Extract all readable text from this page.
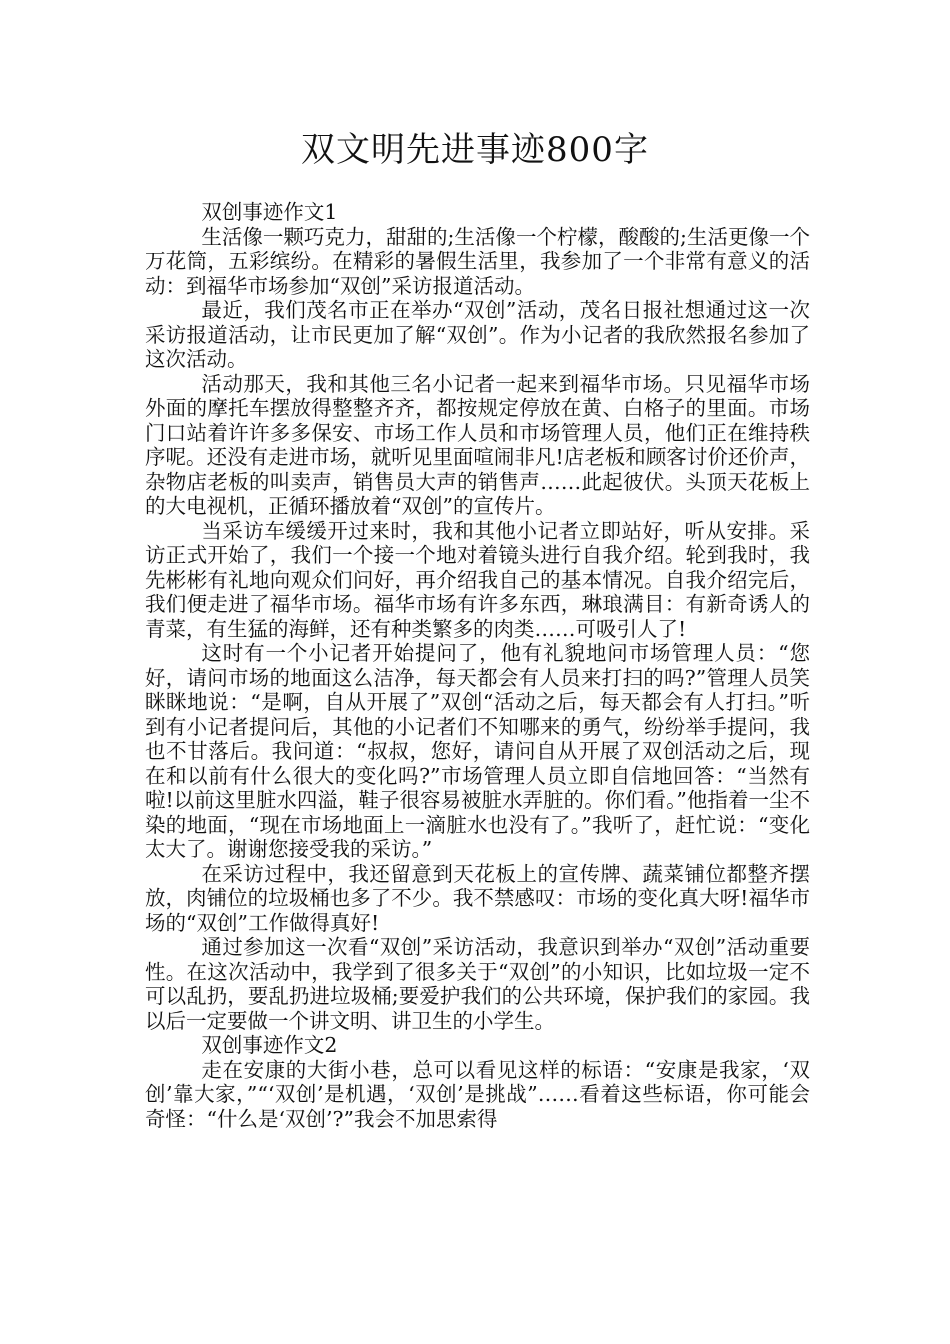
双文明先进事迹800字

双创事迹作文1

生活像一颗巧克力，甜甜的;生活像一个柠檬，酸酸的;生活更像一个万花筒，五彩缤纷。在精彩的暑假生活里，我参加了一个非常有意义的活动：到福华市场参加“双创”采访报道活动。

最近，我们茂名市正在举办“双创”活动，茂名日报社想通过这一次采访报道活动，让市民更加了解“双创”。作为小记者的我欣然报名参加了这次活动。

活动那天，我和其他三名小记者一起来到福华市场。只见福华市场外面的摩托车摆放得整整齐齐，都按规定停放在黄、白格子的里面。市场门口站着许许多多保安、市场工作人员和市场管理人员，他们正在维持秩序呢。还没有走进市场，就听见里面喧闹非凡!店老板和顾客讨价还价声，杂物店老板的叫卖声，销售员大声的销售声……此起彼伏。头顶天花板上的大电视机，正循环播放着“双创”的宣传片。

当采访车缓缓开过来时，我和其他小记者立即站好，听从安排。采访正式开始了，我们一个接一个地对着镜头进行自我介绍。轮到我时，我先彬彬有礼地向观众们问好，再介绍我自己的基本情况。自我介绍完后，我们便走进了福华市场。福华市场有许多东西，琳琅满目：有新奇诱人的青菜，有生猛的海鲜，还有种类繁多的肉类……可吸引人了!

这时有一个小记者开始提问了，他有礼貌地问市场管理人员：“您好，请问市场的地面这么洁净，每天都会有人员来打扫的吗?”管理人员笑眯眯地说：“是啊，自从开展了”双创“活动之后，每天都会有人打扫。”听到有小记者提问后，其他的小记者们不知哪来的勇气，纷纷举手提问，我也不甘落后。我问道：“叔叔，您好，请问自从开展了双创活动之后，现在和以前有什么很大的变化吗?”市场管理人员立即自信地回答：“当然有啦!以前这里脏水四溢，鞋子很容易被脏水弄脏的。你们看。”他指着一尘不染的地面，“现在市场地面上一滴脏水也没有了。”我听了，赶忙说：“变化太大了。谢谢您接受我的采访。”

在采访过程中，我还留意到天花板上的宣传牌、蔬菜铺位都整齐摆放，肉铺位的垃圾桶也多了不少。我不禁感叹：市场的变化真大呀!福华市场的“双创”工作做得真好!

通过参加这一次看“双创”采访活动，我意识到举办“双创”活动重要性。在这次活动中，我学到了很多关于“双创”的小知识，比如垃圾一定不可以乱扔，要乱扔进垃圾桶;要爱护我们的公共环境，保护我们的家园。我以后一定要做一个讲文明、讲卫生的小学生。

双创事迹作文2

走在安康的大街小巷，总可以看见这样的标语：“安康是我家，‘双创’靠大家，”“‘双创’是机遇，‘双创’是挑战”……看着这些标语，你可能会奇怪：“什么是‘双创’?”我会不加思索得
